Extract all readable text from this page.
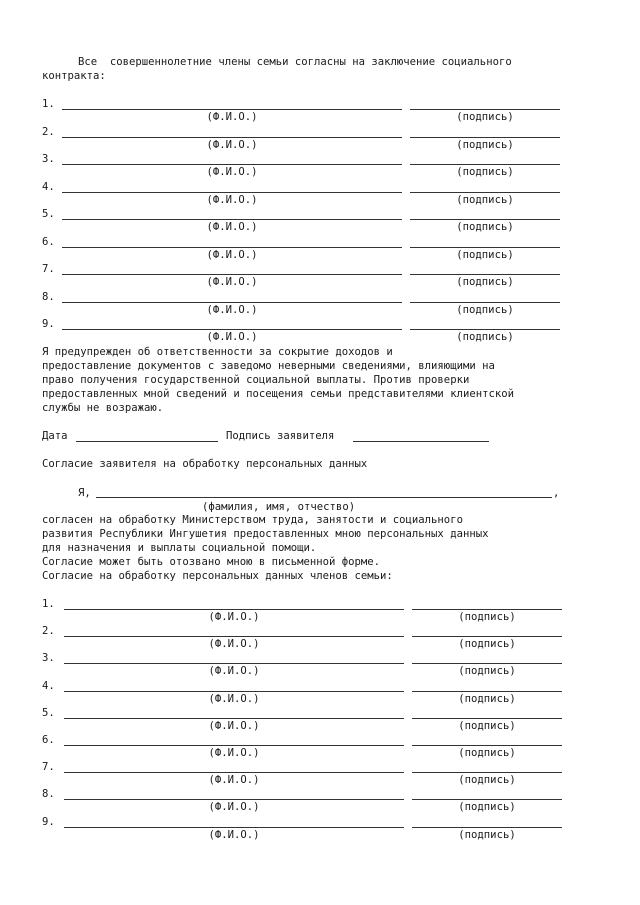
Все  совершеннолетние члены семьи согласны на заключение социального
контракта:
1.
(Ф.И.О.)	(подпись)
2.
(Ф.И.О.)	(подпись)
3.
(Ф.И.О.)	(подпись)
4.
(Ф.И.О.)	(подпись)
5.
(Ф.И.О.)	(подпись)
6.
(Ф.И.О.)	(подпись)
7.
(Ф.И.О.)	(подпись)
8.
(Ф.И.О.)	(подпись)
9.
(Ф.И.О.)	(подпись)
Я предупрежден об ответственности за сокрытие доходов и
предоставление документов с заведомо неверными сведениями, влияющими на
право получения государственной социальной выплаты. Против проверки
предоставленных мной сведений и посещения семьи представителями клиентской
службы не возражаю.
Дата	Подпись заявителя
Согласие заявителя на обработку персональных данных
Я,	,
(фамилия, имя, отчество)
согласен на обработку Министерством труда, занятости и социального
развития Республики Ингушетия предоставленных мною персональных данных
для назначения и выплаты социальной помощи.
Согласие может быть отозвано мною в письменной форме.
Согласие на обработку персональных данных членов семьи:
1.
(Ф.И.О.)	(подпись)
2.
(Ф.И.О.)	(подпись)
3.
(Ф.И.О.)	(подпись)
4.
(Ф.И.О.)	(подпись)
5.
(Ф.И.О.)	(подпись)
6.
(Ф.И.О.)	(подпись)
7.
(Ф.И.О.)	(подпись)
8.
(Ф.И.О.)	(подпись)
9.
(Ф.И.О.)	(подпись)
